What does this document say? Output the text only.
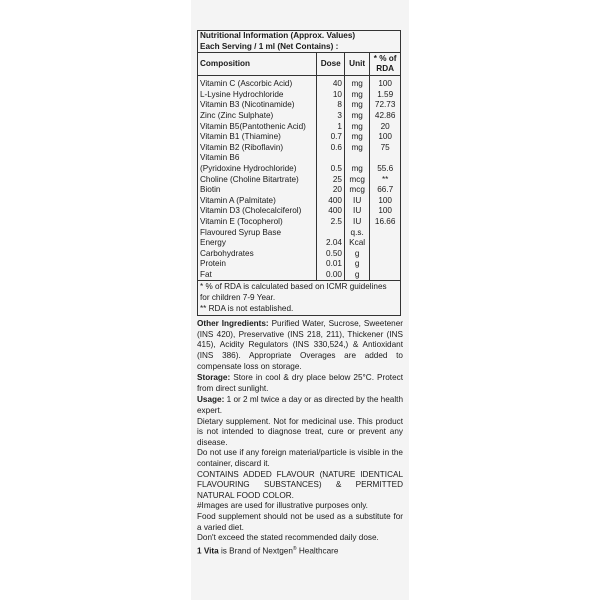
Nutritional Information (Approx. Values)
Each Serving / 1 ml (Net Contains) :			

Composition	Dose	Unit	* % of
RDA

Vitamin C (Ascorbic Acid)	40	mg	100
L-Lysine Hydrochloride	10	mg	1.59
Vitamin B3 (Nicotinamide)	8	mg	72.73
Zinc (Zinc Sulphate)	3	mg	42.86
Vitamin B5(Pantothenic Acid)	1	mg	20
Vitamin B1 (Thiamine)	0.7	mg	100
Vitamin B2 (Riboflavin)	0.6	mg	75
Vitamin B6			
(Pyridoxine Hydrochloride)	0.5	mg	55.6
Choline (Choline Bitartrate)	25	mcg	**
Biotin	20	mcg	66.7
Vitamin A (Palmitate)	400	IU	100
Vitamin D3 (Cholecalciferol)	400	IU	100
Vitamin E (Tocopherol)	2.5	IU	16.66
Flavoured Syrup Base		q.s.	
Energy	2.04	Kcal	
Carbohydrates	0.50	g	
Protein	0.01	g	
Fat	0.00	g	
* % of RDA is calculated based on ICMR guidelines for children 7-9 Year.
** RDA is not established.
Other Ingredients: Purified Water, Sucrose, Sweetener (INS 420), Preservative (INS 218, 211), Thickener (INS 415), Acidity Regulators (INS 330,524,) & Antioxidant (INS 386). Appropriate Overages are added to compensate loss on storage.
Storage: Store in cool & dry place below 25°C. Protect from direct sunlight.
Usage: 1 or 2 ml twice a day or as directed by the health expert.
Dietary supplement. Not for medicinal use. This product is not intended to diagnose treat, cure or prevent any disease.
Do not use if any foreign material/particle is visible in the container, discard it.
CONTAINS ADDED FLAVOUR (NATURE IDENTICAL FLAVOURING SUBSTANCES) & PERMITTED NATURAL FOOD COLOR.
#Images are used for illustrative purposes only.
Food supplement should not be used as a substitute for a varied diet.
Don't exceed the stated recommended daily dose.
1 Vita is Brand of Nextgen® Healthcare
